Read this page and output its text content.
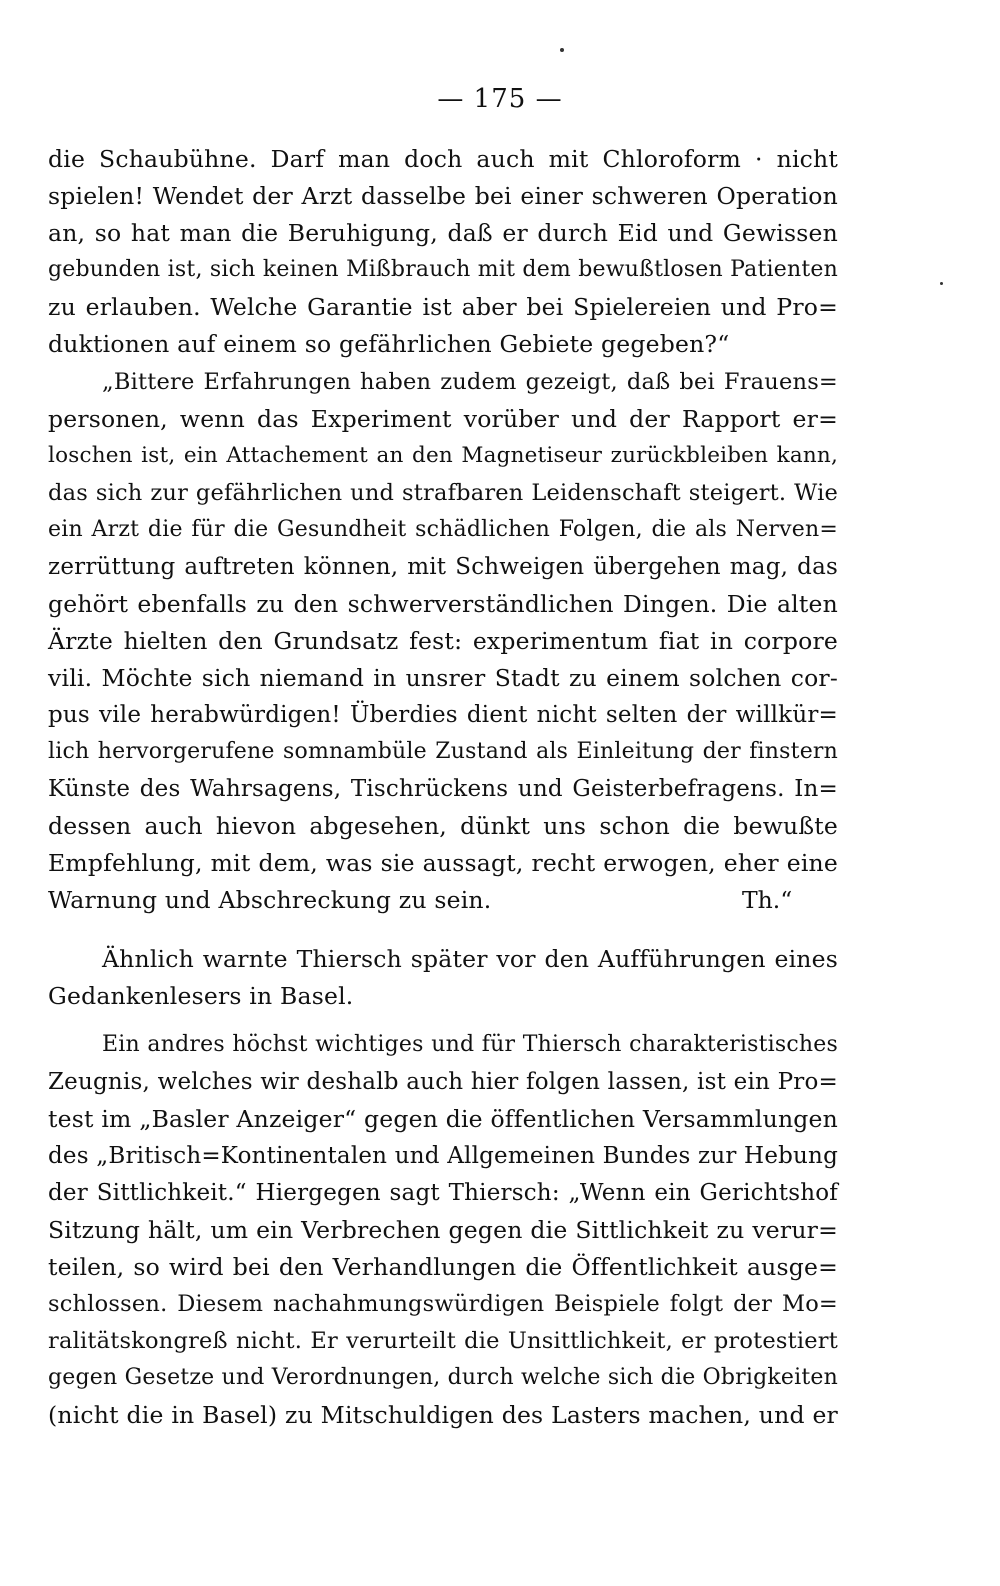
— 175 —
die Schaubühne. Darf man doch auch mit Chloroform · nicht
spielen! Wendet der Arzt dasselbe bei einer schweren Operation
an, so hat man die Beruhigung, daß er durch Eid und Gewissen
gebunden ist, sich keinen Mißbrauch mit dem bewußtlosen Patienten
zu erlauben. Welche Garantie ist aber bei Spielereien und Pro=
duktionen auf einem so gefährlichen Gebiete gegeben?“
„Bittere Erfahrungen haben zudem gezeigt, daß bei Frauens=
personen, wenn das Experiment vorüber und der Rapport er=
loschen ist, ein Attachement an den Magnetiseur zurückbleiben kann,
das sich zur gefährlichen und strafbaren Leidenschaft steigert. Wie
ein Arzt die für die Gesundheit schädlichen Folgen, die als Nerven=
zerrüttung auftreten können, mit Schweigen übergehen mag, das
gehört ebenfalls zu den schwerverständlichen Dingen. Die alten
Ärzte hielten den Grundsatz fest: experimentum fiat in corpore
vili. Möchte sich niemand in unsrer Stadt zu einem solchen cor-
pus vile herabwürdigen! Überdies dient nicht selten der willkür=
lich hervorgerufene somnambüle Zustand als Einleitung der finstern
Künste des Wahrsagens, Tischrückens und Geisterbefragens. In=
dessen auch hievon abgesehen, dünkt uns schon die bewußte
Empfehlung, mit dem, was sie aussagt, recht erwogen, eher eine
Warnung und Abschreckung zu sein.	Th.“
Ähnlich warnte Thiersch später vor den Aufführungen eines
Gedankenlesers in Basel.
Ein andres höchst wichtiges und für Thiersch charakteristisches
Zeugnis, welches wir deshalb auch hier folgen lassen, ist ein Pro=
test im „Basler Anzeiger“ gegen die öffentlichen Versammlungen
des „Britisch=Kontinentalen und Allgemeinen Bundes zur Hebung
der Sittlichkeit.“ Hiergegen sagt Thiersch: „Wenn ein Gerichtshof
Sitzung hält, um ein Verbrechen gegen die Sittlichkeit zu verur=
teilen, so wird bei den Verhandlungen die Öffentlichkeit ausge=
schlossen. Diesem nachahmungswürdigen Beispiele folgt der Mo=
ralitätskongreß nicht. Er verurteilt die Unsittlichkeit, er protestiert
gegen Gesetze und Verordnungen, durch welche sich die Obrigkeiten
(nicht die in Basel) zu Mitschuldigen des Lasters machen, und er
